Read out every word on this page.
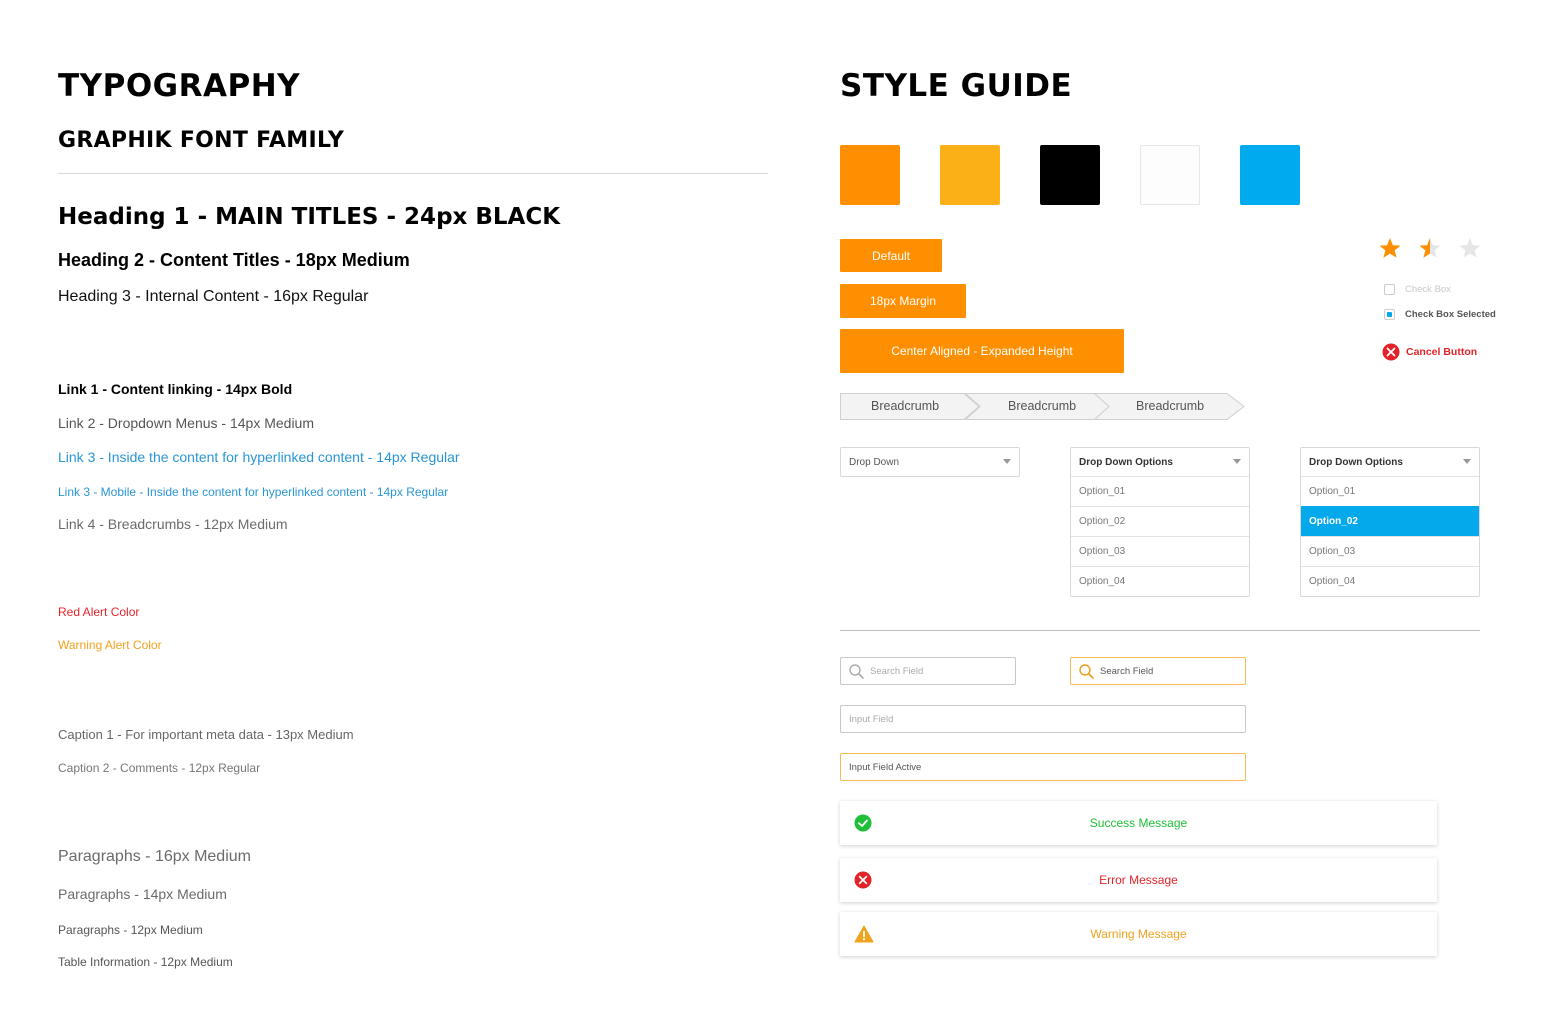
TYPOGRAPHY
GRAPHIK FONT FAMILY
Heading 1 - MAIN TITLES - 24px BLACK
Heading 2 - Content Titles - 18px Medium
Heading 3 - Internal Content - 16px Regular
Link 1 - Content linking - 14px Bold
Link 2 - Dropdown Menus - 14px Medium
Link 3 - Inside the content for hyperlinked content - 14px Regular
Link 3 - Mobile - Inside the content for hyperlinked content - 14px Regular
Link 4 - Breadcrumbs - 12px Medium
Red Alert Color
Warning Alert Color
Caption 1 - For important meta data - 13px Medium
Caption 2 - Comments - 12px Regular
Paragraphs - 16px Medium
Paragraphs - 14px Medium
Paragraphs - 12px Medium
Table Information - 12px Medium
STYLE GUIDE
Default
18px Margin
Center Aligned - Expanded Height
Check Box
Check Box Selected
Cancel Button
Breadcrumb	Breadcrumb	Breadcrumb
Drop Down	Drop Down Options
Option_01
Option_02
Option_03
Option_04
Drop Down Options
Option_01
Option_02
Option_03
Option_04
Search Field	Search Field
Input Field
Input Field Active
Success Message
Error Message
Warning Message
